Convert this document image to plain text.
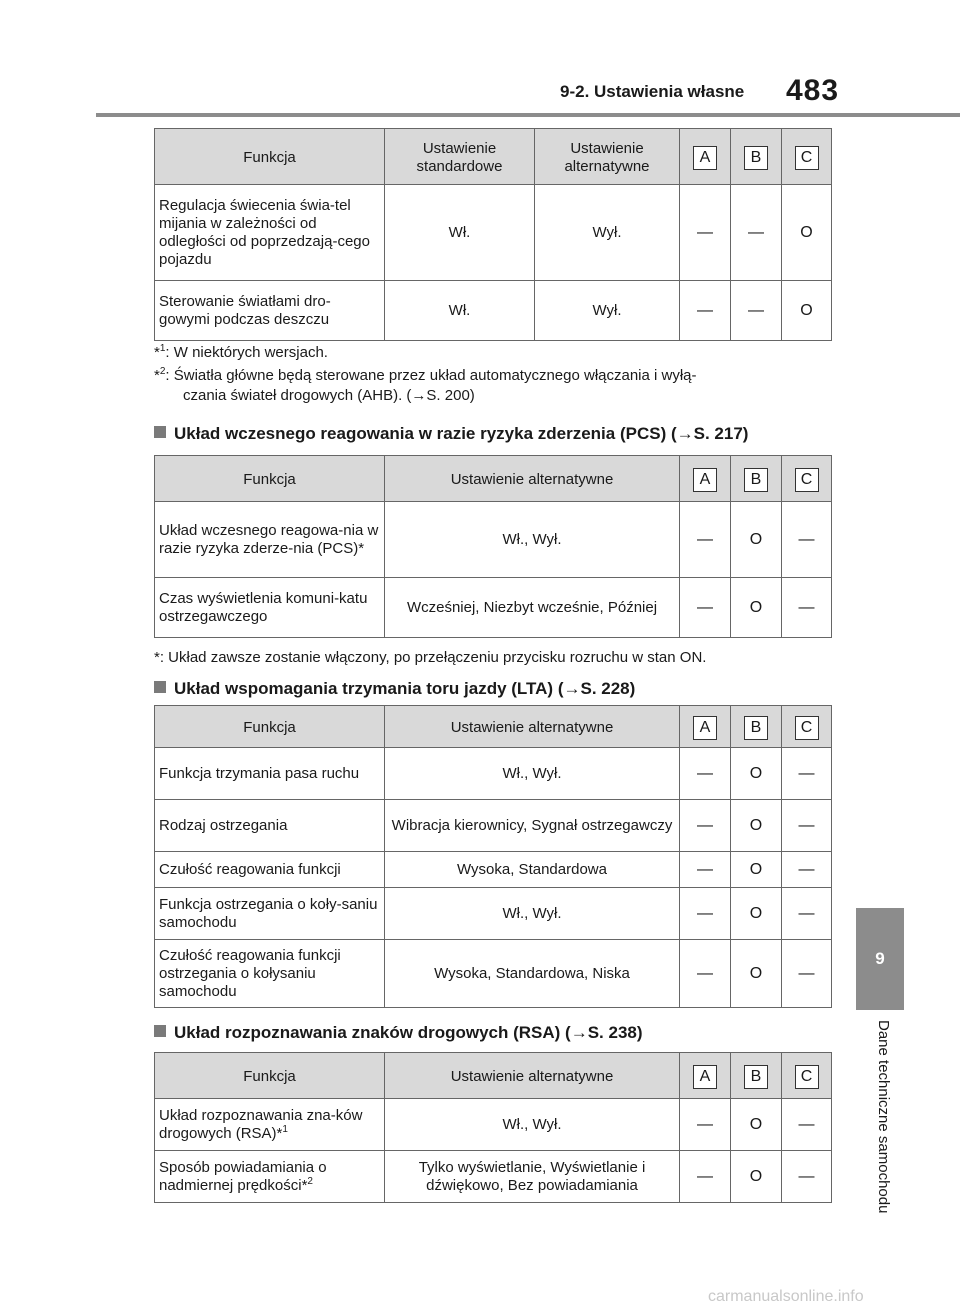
9-2. Ustawienia własne 483
9
Dane techniczne samochodu
Funkcja	Ustawienie standardowe	Ustawienie alternatywne	A	B	C
Regulacja świecenia świa-tel mijania w zależności od odległości od poprzedzają-cego pojazdu	Wł.	Wył.	—	—	O
Sterowanie światłami dro-gowymi podczas deszczu	Wł.	Wył.	—	—	O
*$^1$: W niektórych wersjach.
*$^2$: Światła główne będą sterowane przez układ automatycznego włączania i wyłą-
czania świateł drogowych (AHB). (→S. 200)
Układ wczesnego reagowania w razie ryzyka zderzenia (PCS) (→S. 217)
Funkcja	Ustawienie alternatywne	A	B	C
Układ wczesnego reagowa-nia w razie ryzyka zderze-nia (PCS)*	Wł., Wył.	—	O	—
Czas wyświetlenia komuni-katu ostrzegawczego	Wcześniej, Niezbyt wcześnie, Później	—	O	—
*: Układ zawsze zostanie włączony, po przełączeniu przycisku rozruchu w stan ON.
Układ wspomagania trzymania toru jazdy (LTA) (→S. 228)
Funkcja	Ustawienie alternatywne	A	B	C
Funkcja trzymania pasa ruchu	Wł., Wył.	—	O	—
Rodzaj ostrzegania	Wibracja kierownicy, Sygnał ostrzegawczy	—	O	—
Czułość reagowania funkcji	Wysoka, Standardowa	—	O	—
Funkcja ostrzegania o koły-saniu samochodu	Wł., Wył.	—	O	—
Czułość reagowania funkcji ostrzegania o kołysaniu samochodu	Wysoka, Standardowa, Niska	—	O	—
Układ rozpoznawania znaków drogowych (RSA) (→S. 238)
Funkcja	Ustawienie alternatywne	A	B	C
Układ rozpoznawania zna-ków drogowych (RSA)*$^1$	Wł., Wył.	—	O	—
Sposób powiadamiania o nadmiernej prędkości*$^2$	Tylko wyświetlanie, Wyświetlanie i dźwiękowo, Bez powiadamiania	—	O	—
carmanualsonline.info
